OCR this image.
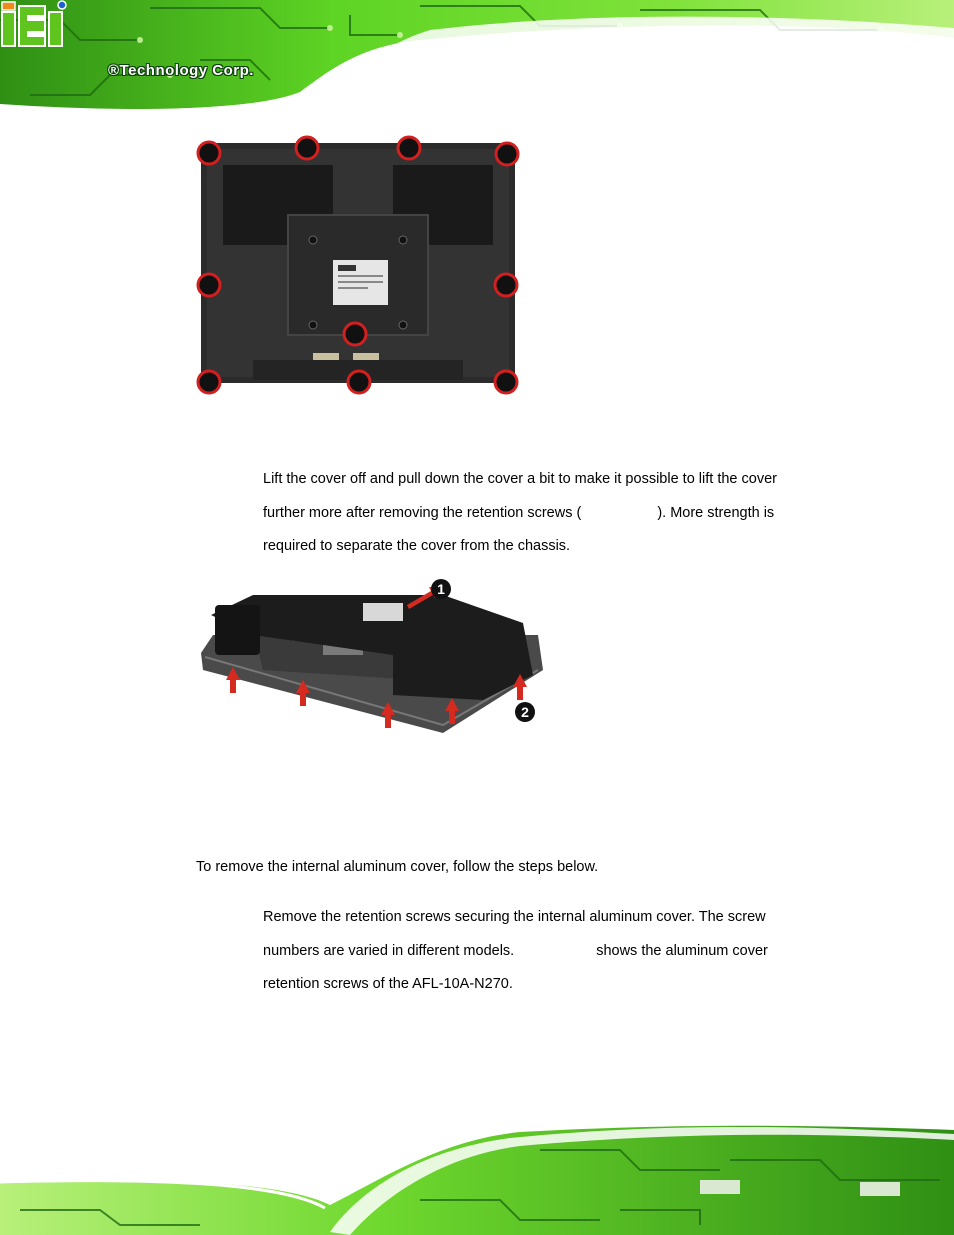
®Technology Corp.
Lift the cover off and pull down the cover a bit to make it possible to lift the cover
further more after removing the retention screws (	). More strength is
required to separate the cover from the chassis.
1
2
To remove the internal aluminum cover, follow the steps below.
Remove the retention screws securing the internal aluminum cover. The screw
numbers are varied in different models.	shows the aluminum cover
retention screws of the AFL-10A-N270.
